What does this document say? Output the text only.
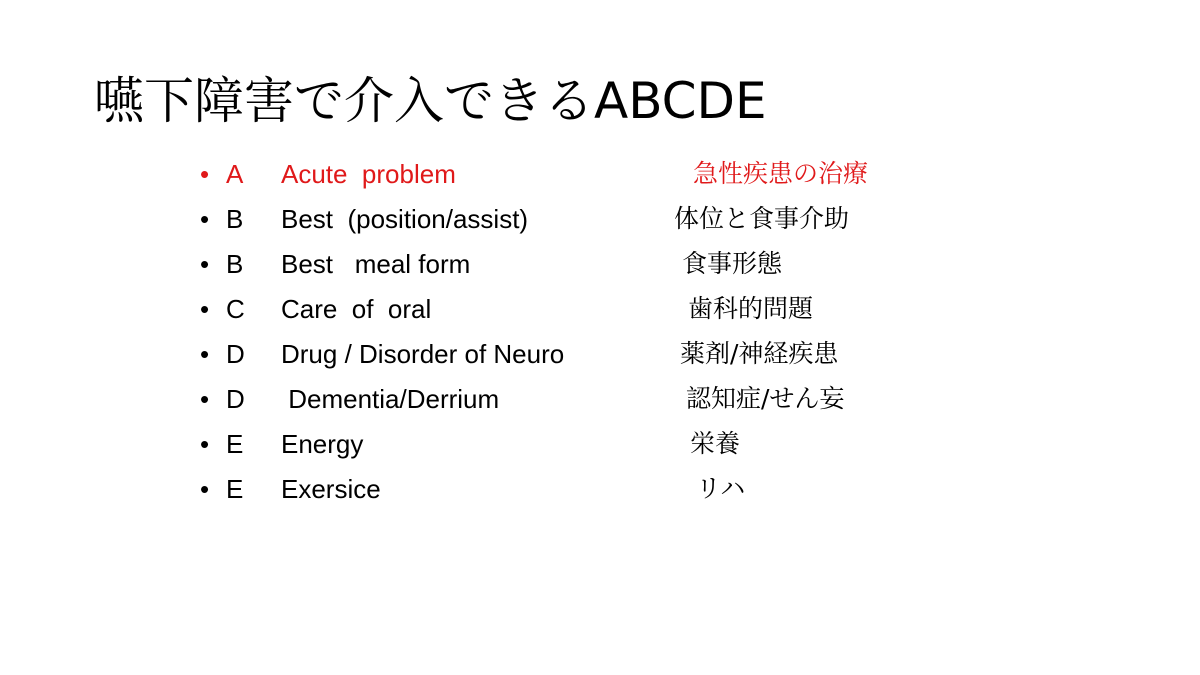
嚥下障害で介入できるABCDE
• A Acute  problem	急性疾患の治療
• B Best  (position/assist)	体位と食事介助
• B Best   meal form	食事形態
• C Care  of  oral	歯科的問題
• D Drug / Disorder of Neuro	薬剤/神経疾患
• D Dementia/Derrium	認知症/せん妄
• E Energy	栄養
• E Exersice	リハ
